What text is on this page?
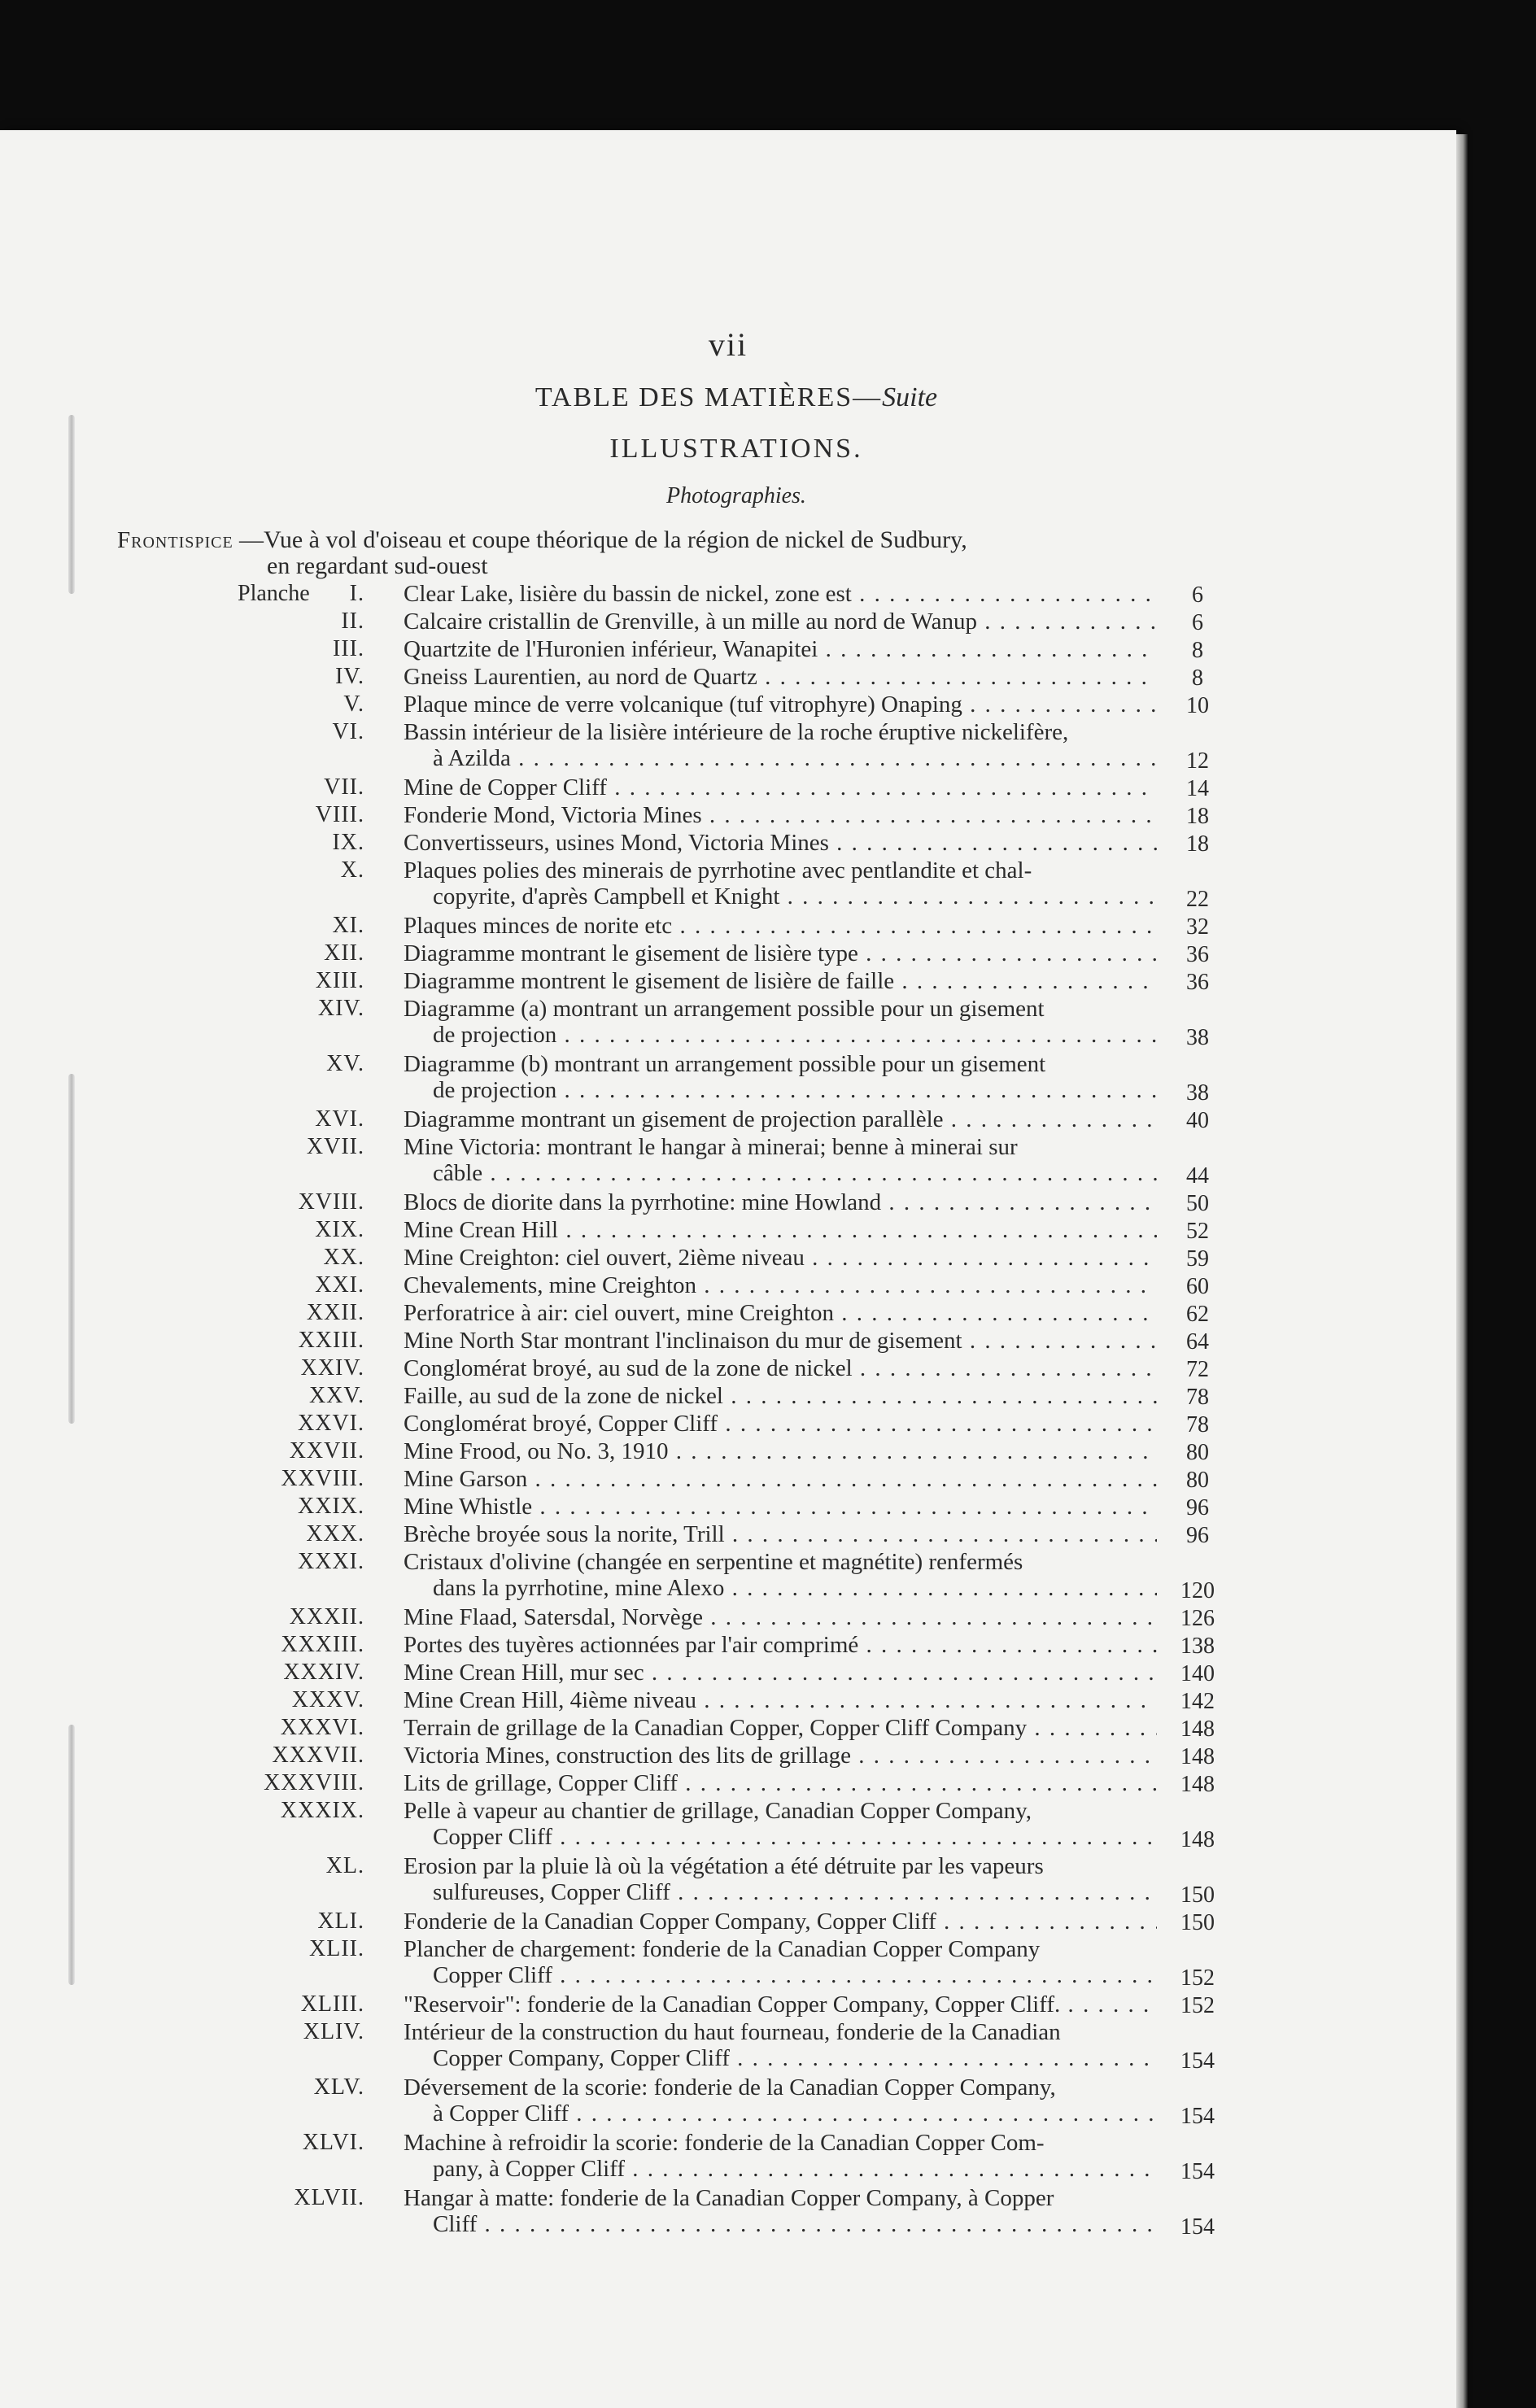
vii
TABLE DES MATIÈRES—Suite
ILLUSTRATIONS.
Photographies.
Frontispice —Vue à vol d'oiseau et coupe théorique de la région de nickel de Sudbury,
en regardant sud-ouest
Planche I. Clear Lake, lisière du bassin de nickel, zone est . . .	6
II. Calcaire cristallin de Grenville, à un mille au nord de Wanup . . .	6
III. Quartzite de l'Huronien inférieur, Wanapitei . . .	8
IV. Gneiss Laurentien, au nord de Quartz . . .	8
V. Plaque mince de verre volcanique (tuf vitrophyre) Onaping . . .	10
VI. Bassin intérieur de la lisière intérieure de la roche éruptive nickelifère,
à Azilda . . .	12
VII. Mine de Copper Cliff . . .	14
VIII. Fonderie Mond, Victoria Mines . . .	18
IX. Convertisseurs, usines Mond, Victoria Mines . . .	18
X. Plaques polies des minerais de pyrrhotine avec pentlandite et chal-
copyrite, d'après Campbell et Knight . . .	22
XI. Plaques minces de norite etc . . .	32
XII. Diagramme montrant le gisement de lisière type . . .	36
XIII. Diagramme montrent le gisement de lisière de faille . . .	36
XIV. Diagramme (a) montrant un arrangement possible pour un gisement
de projection . . .	38
XV. Diagramme (b) montrant un arrangement possible pour un gisement
de projection . . .	38
XVI. Diagramme montrant un gisement de projection parallèle . . .	40
XVII. Mine Victoria: montrant le hangar à minerai; benne à minerai sur
câble . . .	44
XVIII. Blocs de diorite dans la pyrrhotine: mine Howland . . .	50
XIX. Mine Crean Hill . . .	52
XX. Mine Creighton: ciel ouvert, 2ième niveau . . .	59
XXI. Chevalements, mine Creighton . . .	60
XXII. Perforatrice à air: ciel ouvert, mine Creighton . . .	62
XXIII. Mine North Star montrant l'inclinaison du mur de gisement . . .	64
XXIV. Conglomérat broyé, au sud de la zone de nickel . . .	72
XXV. Faille, au sud de la zone de nickel . . .	78
XXVI. Conglomérat broyé, Copper Cliff . . .	78
XXVII. Mine Frood, ou No. 3, 1910 . . .	80
XXVIII. Mine Garson . . .	80
XXIX. Mine Whistle . . .	96
XXX. Brèche broyée sous la norite, Trill . . .	96
XXXI. Cristaux d'olivine (changée en serpentine et magnétite) renfermés
dans la pyrrhotine, mine Alexo . . .	120
XXXII. Mine Flaad, Satersdal, Norvège . . .	126
XXXIII. Portes des tuyères actionnées par l'air comprimé . . .	138
XXXIV. Mine Crean Hill, mur sec . . .	140
XXXV. Mine Crean Hill, 4ième niveau . . .	142
XXXVI. Terrain de grillage de la Canadian Copper, Copper Cliff Company . . .	148
XXXVII. Victoria Mines, construction des lits de grillage . . .	148
XXXVIII. Lits de grillage, Copper Cliff . . .	148
XXXIX. Pelle à vapeur au chantier de grillage, Canadian Copper Company,
Copper Cliff . . .	148
XL. Erosion par la pluie là où la végétation a été détruite par les vapeurs
sulfureuses, Copper Cliff . . .	150
XLI. Fonderie de la Canadian Copper Company, Copper Cliff . . .	150
XLII. Plancher de chargement: fonderie de la Canadian Copper Company
Copper Cliff . . .	152
XLIII. "Reservoir": fonderie de la Canadian Copper Company, Copper Cliff. . . .	152
XLIV. Intérieur de la construction du haut fourneau, fonderie de la Canadian
Copper Company, Copper Cliff . . .	154
XLV. Déversement de la scorie: fonderie de la Canadian Copper Company,
à Copper Cliff . . .	154
XLVI. Machine à refroidir la scorie: fonderie de la Canadian Copper Com-
pany, à Copper Cliff . . .	154
XLVII. Hangar à matte: fonderie de la Canadian Copper Company, à Copper
Cliff . . .	154
